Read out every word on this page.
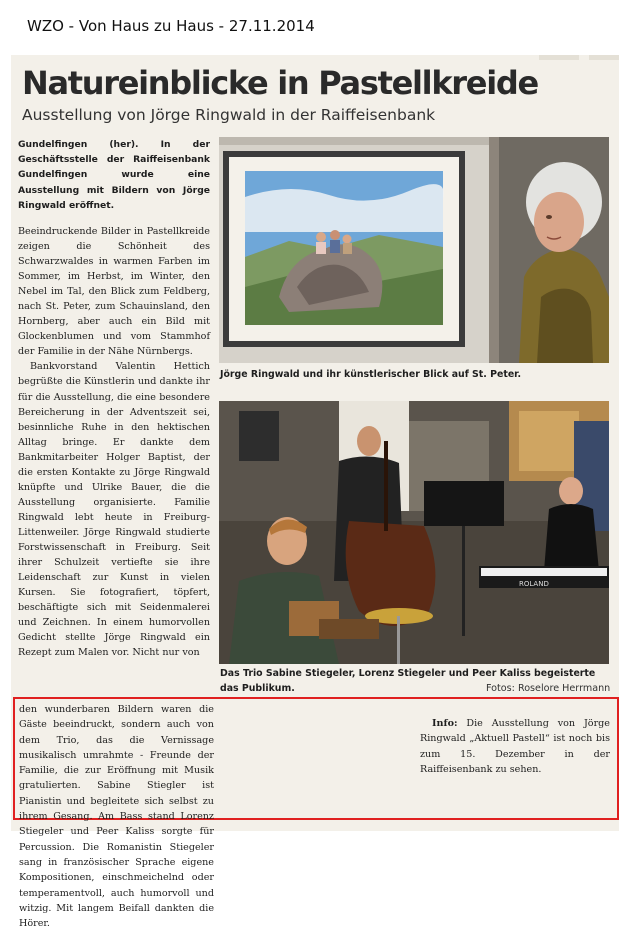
WZO - Von Haus zu Haus - 27.11.2014
Natureinblicke in Pastellkreide
Ausstellung von Jörge Ringwald in der Raiffeisenbank

Gundelfingen (her). In der Geschäftsstelle der Raiffeisenbank Gundelfingen wurde eine Ausstellung mit Bildern von Jörge Ringwald eröffnet.

Beeindruckende Bilder in Pastellkreide zeigen die Schönheit des Schwarzwaldes in warmen Farben im Sommer, im Herbst, im Winter, den Nebel im Tal, den Blick zum Feldberg, nach St. Peter, zum Schauinsland, den Hornberg, aber auch ein Bild mit Glockenblumen und vom Stammhof der Familie in der Nähe Nürnbergs.

Bankvorstand Valentin Hettich begrüßte die Künstlerin und dankte ihr für die Ausstellung, die eine besondere Bereicherung in der Adventszeit sei, besinnliche Ruhe in den hektischen Alltag bringe. Er dankte dem Bankmitarbeiter Holger Baptist, der die ersten Kontakte zu Jörge Ringwald knüpfte und Ulrike Bauer, die die Ausstellung organisierte. Familie Ringwald lebt heute in Freiburg-Littenweiler. Jörge Ringwald studierte Forstwissenschaft in Freiburg. Seit ihrer Schulzeit vertiefte sie ihre Leidenschaft zur Kunst in vielen Kursen. Sie fotografiert, töpfert, beschäftigte sich mit Seidenmalerei und Zeichnen. In einem humorvollen Gedicht stellte Jörge Ringwald ein Rezept zum Malen vor. Nicht nur von

Jörge Ringwald und ihr künstlerischer Blick auf St. Peter.
ROLAND
Das Trio Sabine Stiegeler, Lorenz Stiegeler und Peer Kaliss begeisterte das Publikum.	Fotos: Roselore Herrmann

den wunderbaren Bildern waren die Gäste beeindruckt, sondern auch von dem Trio, das die Vernissage musikalisch umrahmte - Freunde der Familie, die zur Eröffnung mit Musik gratulierten. Sabine Stiegler ist Pianistin und begleitete sich selbst zu ihrem Gesang. Am Bass stand Lorenz Stiegeler und Peer Kaliss sorgte für Percussion. Die Romanistin Stiegeler sang in französischer Sprache eigene Kompositionen, einschmeichelnd oder temperamentvoll, auch humorvoll und witzig. Mit langem Beifall dankten die Hörer.

Info: Die Ausstellung von Jörge Ringwald „Aktuell Pastell“ ist noch bis zum 15. Dezember in der Raiffeisenbank zu sehen.
